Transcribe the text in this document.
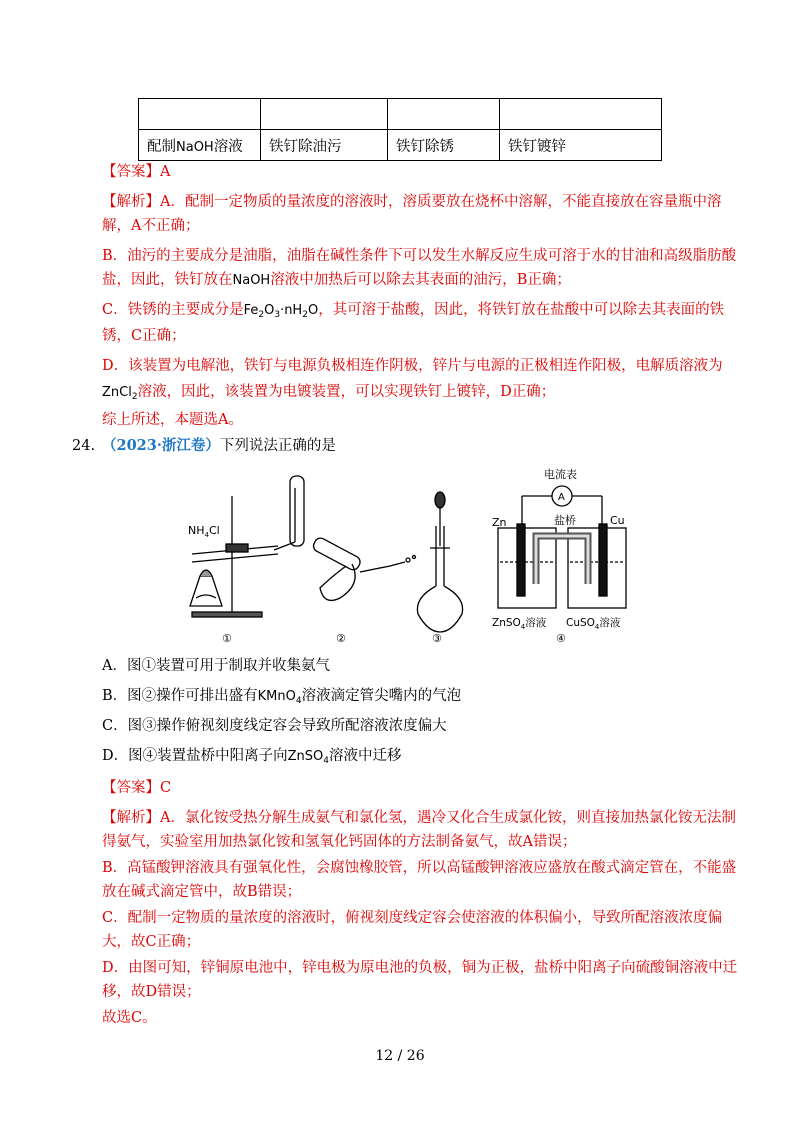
配制NaOH溶液	铁钉除油污	铁钉除锈	铁钉镀锌
【答案】A
【解析】A．配制一定物质的量浓度的溶液时，溶质要放在烧杯中溶解，不能直接放在容量瓶中溶
解，A不正确；
B．油污的主要成分是油脂，油脂在碱性条件下可以发生水解反应生成可溶于水的甘油和高级脂肪酸
盐，因此，铁钉放在NaOH溶液中加热后可以除去其表面的油污，B正确；
C．铁锈的主要成分是$Fe_2O_3\cdot nH_2O$，其可溶于盐酸，因此，将铁钉放在盐酸中可以除去其表面的铁
锈，C正确；
D．该装置为电解池，铁钉与电源负极相连作阴极，锌片与电源的正极相连作阳极，电解质溶液为
ZnCl$_2$溶液，因此，该装置为电镀装置，可以实现铁钉上镀锌，D正确；
综上所述，本题选A。
24. （2023·浙江卷）下列说法正确的是
$NH_4Cl$
电流表
A
盐桥
Zn	Cu
ZnSO$_4$溶液 CuSO$_4$溶液
①	②	③	④
A．图①装置可用于制取并收集氨气
B．图②操作可排出盛有KMnO$_4$溶液滴定管尖嘴内的气泡
C．图③操作俯视刻度线定容会导致所配溶液浓度偏大
D．图④装置盐桥中阳离子向ZnSO$_4$溶液中迁移
【答案】C
【解析】A．氯化铵受热分解生成氨气和氯化氢，遇冷又化合生成氯化铵，则直接加热氯化铵无法制
得氨气，实验室用加热氯化铵和氢氧化钙固体的方法制备氨气，故A错误；
B．高锰酸钾溶液具有强氧化性，会腐蚀橡胶管，所以高锰酸钾溶液应盛放在酸式滴定管在，不能盛
放在碱式滴定管中，故B错误；
C．配制一定物质的量浓度的溶液时，俯视刻度线定容会使溶液的体积偏小，导致所配溶液浓度偏
大，故C正确；
D．由图可知，锌铜原电池中，锌电极为原电池的负极，铜为正极，盐桥中阳离子向硫酸铜溶液中迁
移，故D错误；
故选C。
12 / 26
